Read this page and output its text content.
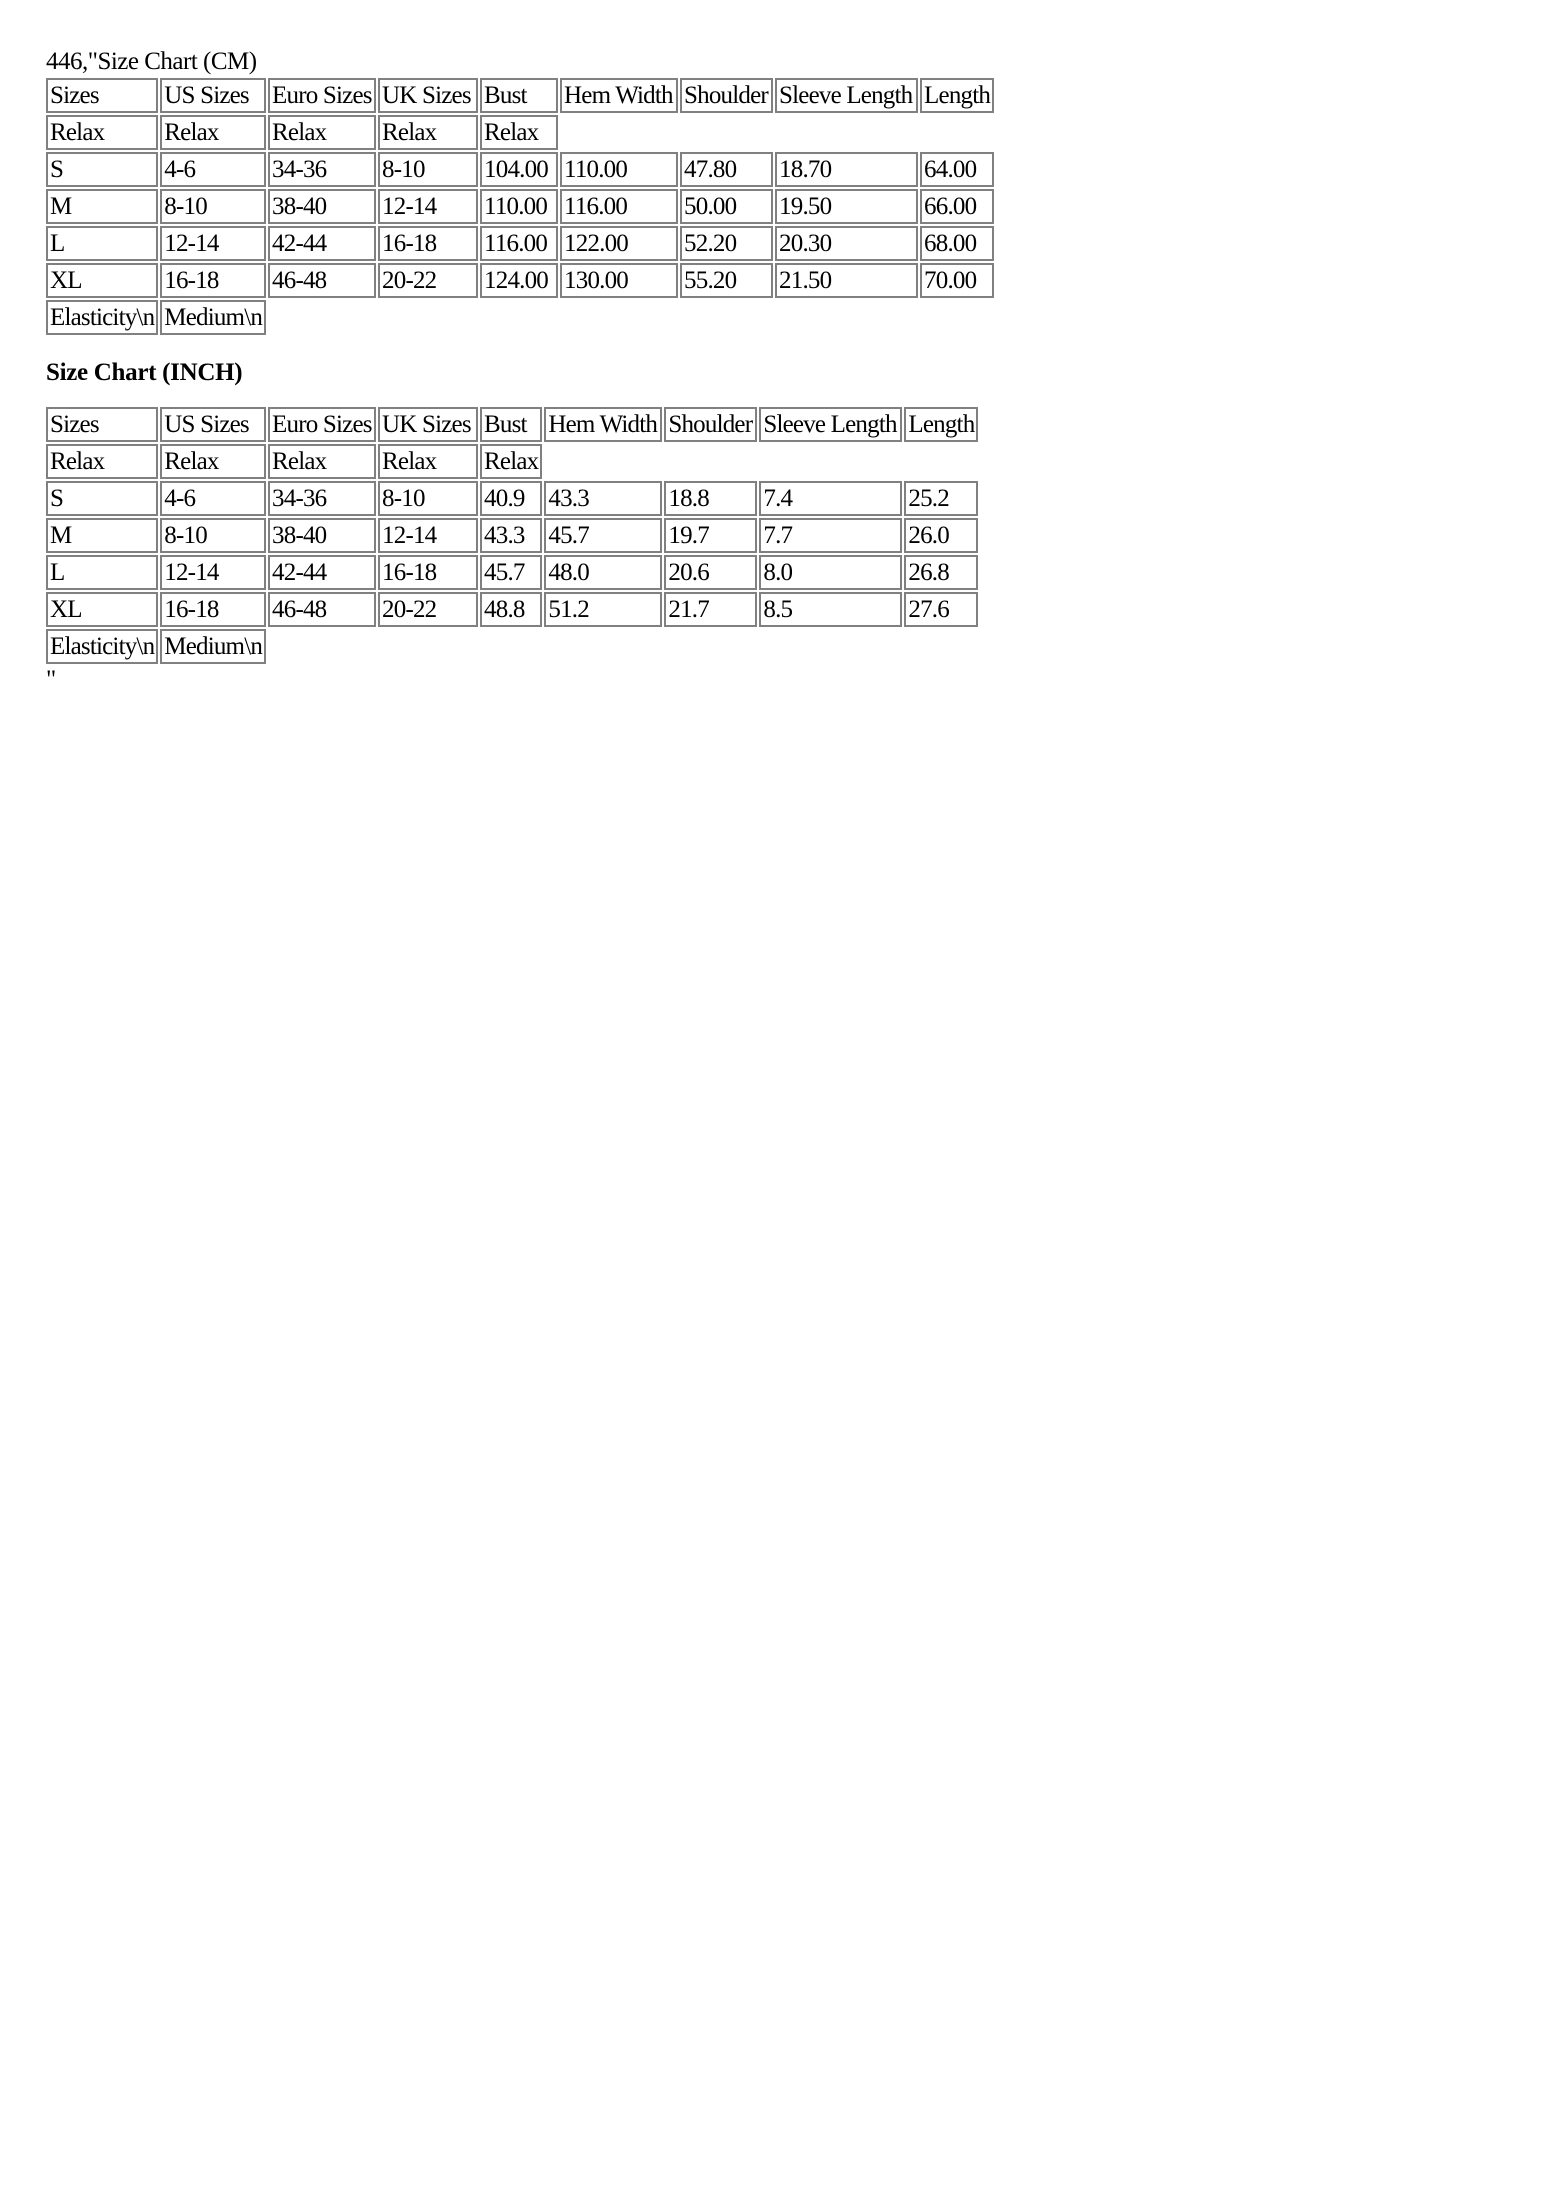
446,"Size Chart (CM)
Sizes	US Sizes	Euro Sizes	UK Sizes	Bust	Hem Width	Shoulder	Sleeve Length	Length
Relax	Relax	Relax	Relax	Relax				
S	4-6	34-36	8-10	104.00	110.00	47.80	18.70	64.00
M	8-10	38-40	12-14	110.00	116.00	50.00	19.50	66.00
L	12-14	42-44	16-18	116.00	122.00	52.20	20.30	68.00
XL	16-18	46-48	20-22	124.00	130.00	55.20	21.50	70.00
Elasticity\n	Medium\n							
Size Chart (INCH)
Sizes	US Sizes	Euro Sizes	UK Sizes	Bust	Hem Width	Shoulder	Sleeve Length	Length
Relax	Relax	Relax	Relax	Relax				
S	4-6	34-36	8-10	40.9	43.3	18.8	7.4	25.2
M	8-10	38-40	12-14	43.3	45.7	19.7	7.7	26.0
L	12-14	42-44	16-18	45.7	48.0	20.6	8.0	26.8
XL	16-18	46-48	20-22	48.8	51.2	21.7	8.5	27.6
Elasticity\n	Medium\n							
"
